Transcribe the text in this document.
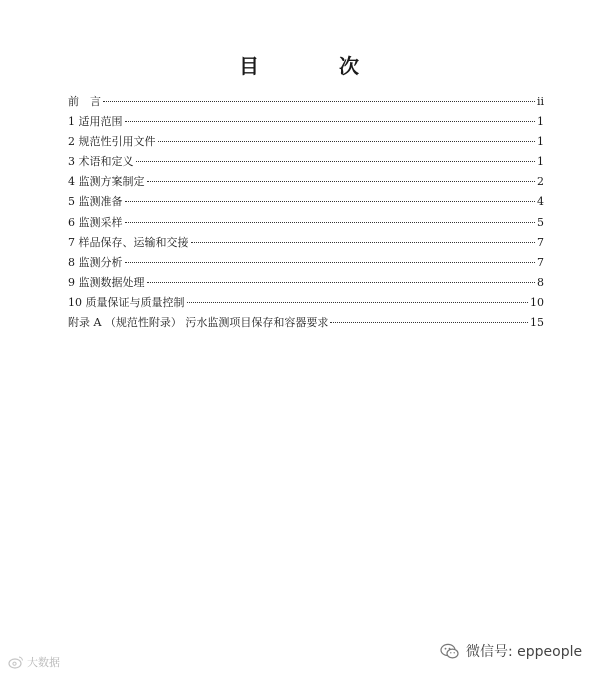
目　次
前　言	ii
1 适用范围	1
2 规范性引用文件	1
3 术语和定义	1
4 监测方案制定	2
5 监测准备	4
6 监测采样	5
7 样品保存、运输和交接	7
8 监测分析	7
9 监测数据处理	8
10 质量保证与质量控制	10
附录 A （规范性附录） 污水监测项目保存和容器要求	15
大数据
微信号: eppeople
